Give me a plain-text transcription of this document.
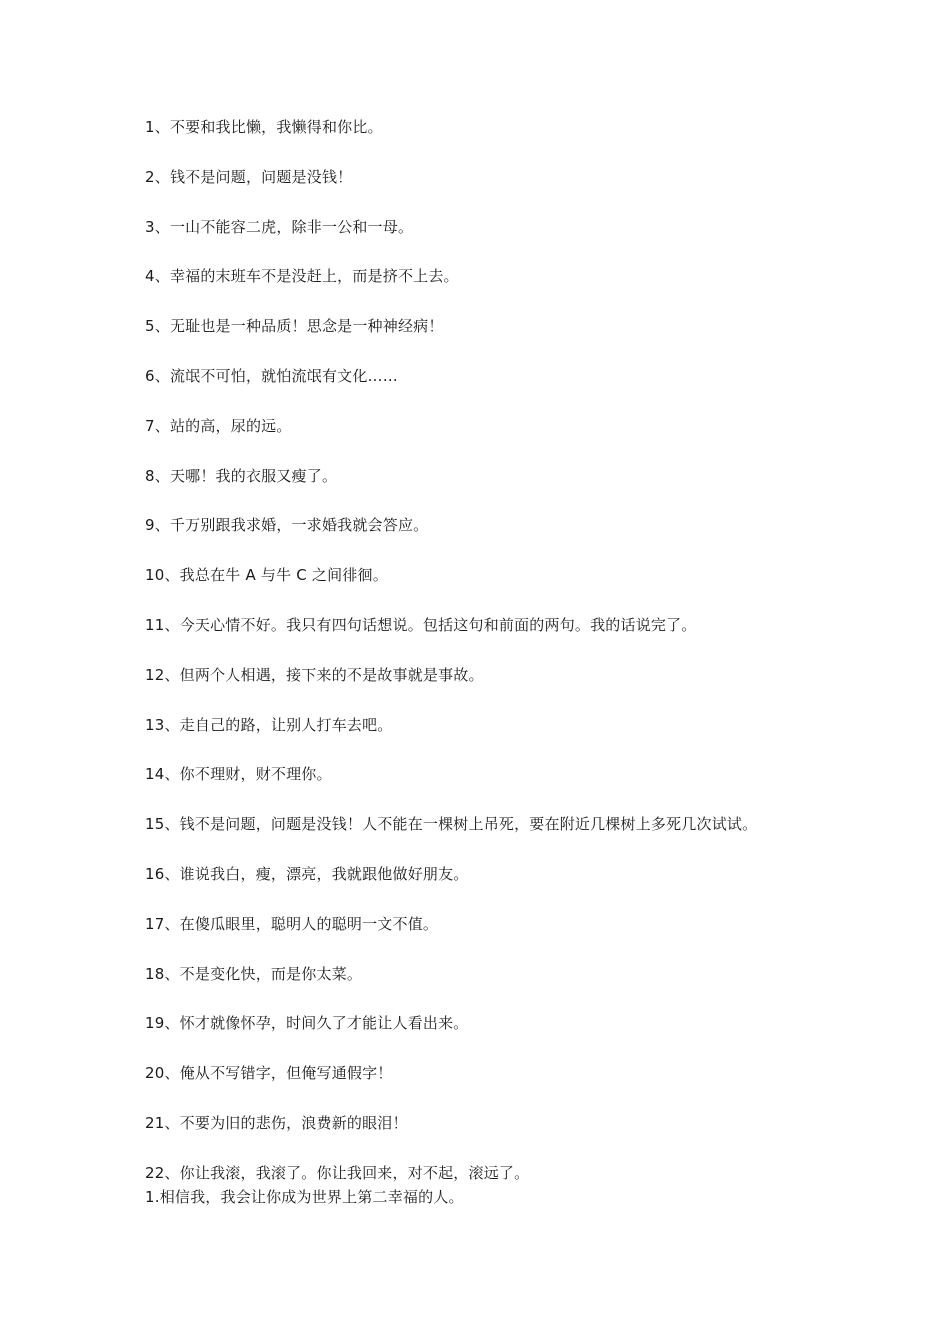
1、不要和我比懒，我懒得和你比。
2、钱不是问题，问题是没钱！
3、一山不能容二虎，除非一公和一母。
4、幸福的末班车不是没赶上，而是挤不上去。
5、无耻也是一种品质！思念是一种神经病！
6、流氓不可怕，就怕流氓有文化……
7、站的高，尿的远。
8、天哪！我的衣服又瘦了。
9、千万别跟我求婚，一求婚我就会答应。
10、我总在牛 A 与牛 C 之间徘徊。
11、今天心情不好。我只有四句话想说。包括这句和前面的两句。我的话说完了。
12、但两个人相遇，接下来的不是故事就是事故。
13、走自己的路，让别人打车去吧。
14、你不理财，财不理你。
15、钱不是问题，问题是没钱！人不能在一棵树上吊死，要在附近几棵树上多死几次试试。
16、谁说我白，瘦，漂亮，我就跟他做好朋友。
17、在傻瓜眼里，聪明人的聪明一文不值。
18、不是变化快，而是你太菜。
19、怀才就像怀孕，时间久了才能让人看出来。
20、俺从不写错字，但俺写通假字！
21、不要为旧的悲伤，浪费新的眼泪！
22、你让我滚，我滚了。你让我回来，对不起，滚远了。
1.相信我，我会让你成为世界上第二幸福的人。
